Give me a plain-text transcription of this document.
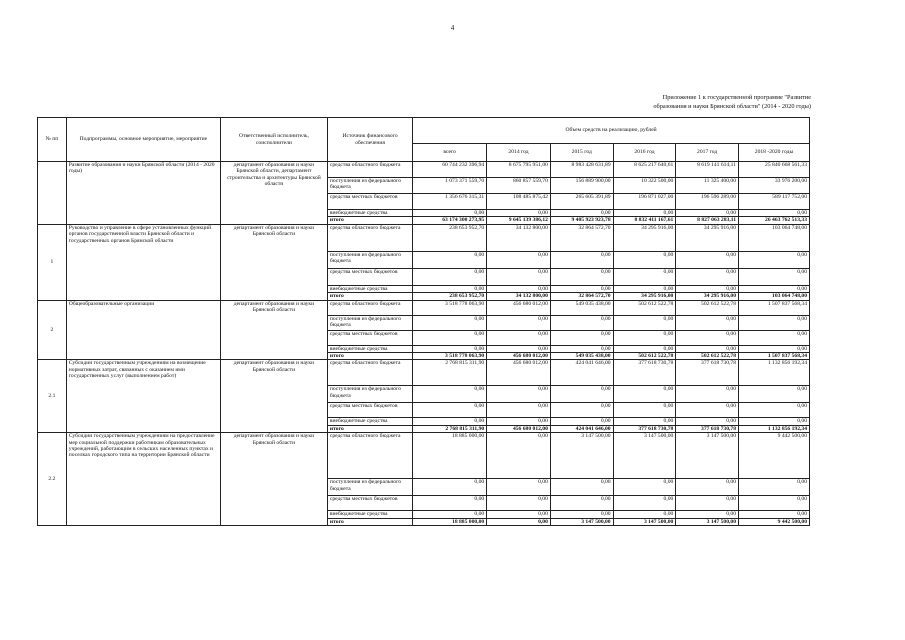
4
Приложение 1 к государственной программе "Развитие
образования и науки Брянской области" (2014 - 2020 годы)
№ пп	Подпрограммы, основное мероприятие, мероприятие	Ответственный исполнитель, соисполнители	Источник финансового обеспечения	Объем средств на реализацию, рублей					
				всего	2014 год	2015 год	2016 год	2017 год	2018 -2020 годы
	Развитие образования и науки Брянской области (2014 - 2020 годы)	департамент образования и науки Брянской области, департамент строительства и архитектуры Брянской области	средства областного бюджета	60 744 232 396,94	8 675 795 951,00	8 983 428 631,89	8 625 217 640,61	8 619 141 614,11	25 840 668 561,33
			поступления из федерального бюджета	1 073 371 559,70	860 857 559,70	156 889 900,00	10 322 500,00	11 325 400,00	33 976 200,00
			средства местных бюджетов	1 356 676 315,31	108 485 875,42	265 605 391,89	196 871 027,00	196 596 289,00	589 117 752,00
			внебюджетные средства	0,00	0,00	0,00	0,00	0,00	0,00
			итого	63 174 300 273,95	9 645 139 386,12	9 405 923 923,78	8 832 411 167,61	8 827 063 283,11	26 463 762 513,33
1	Руководство и управление в сфере установленных функций органов государственной власти Брянской области и государственных органов Брянской области	департамент образования и науки Брянской области	средства областного бюджета	238 653 952,70	34 132 800,00	32 864 572,70	34 295 916,00	34 295 916,00	103 064 748,00
			поступления из федерального бюджета	0,00	0,00	0,00	0,00	0,00	0,00
			средства местных бюджетов	0,00	0,00	0,00	0,00	0,00	0,00
			внебюджетные средства	0,00	0,00	0,00	0,00	0,00	0,00
			итого	238 653 952,70	34 132 800,00	32 864 572,70	34 295 916,00	34 295 916,00	103 064 748,00
2	Общеобразовательные организации	департамент образования и науки Брянской области	средства областного бюджета	3 518 778 063,90	456 680 012,00	549 035 438,00	502 612 522,78	502 612 522,78	1 507 837 568,34
			поступления из федерального бюджета	0,00	0,00	0,00	0,00	0,00	0,00
			средства местных бюджетов	0,00	0,00	0,00	0,00	0,00	0,00
			внебюджетные средства	0,00	0,00	0,00	0,00	0,00	0,00
			итого	3 518 778 063,90	456 680 012,00	549 035 438,00	502 612 522,78	502 612 522,78	1 507 837 568,34
2.1	Субсидии государственным учреждениям на возмещение нормативных затрат, связанных с оказанием ими государственных услуг (выполнением работ)	департамент образования и науки Брянской области	средства областного бюджета	2 768 815 311,90	456 680 012,00	424 041 646,00	377 618 730,78	377 618 730,78	1 132 856 192,34
			поступления из федерального бюджета	0,00	0,00	0,00	0,00	0,00	0,00
			средства местных бюджетов	0,00	0,00	0,00	0,00	0,00	0,00
			внебюджетные средства	0,00	0,00	0,00	0,00	0,00	0,00
			итого	2 768 815 311,90	456 680 012,00	424 041 646,00	377 618 730,78	377 618 730,78	1 132 856 192,34
2.2	Субсидии государственным учреждениям на предоставление мер социальной поддержки работникам образовательных учреждений, работающим в сельских населенных пунктах и поселках городского типа на территории Брянской области	департамент образования и науки Брянской области	средства областного бюджета	18 885 000,00	0,00	3 147 500,00	3 147 500,00	3 147 500,00	9 442 500,00
			поступления из федерального бюджета	0,00	0,00	0,00	0,00	0,00	0,00
			средства местных бюджетов	0,00	0,00	0,00	0,00	0,00	0,00
			внебюджетные средства	0,00	0,00	0,00	0,00	0,00	0,00
			итого	18 885 000,00	0,00	3 147 500,00	3 147 500,00	3 147 500,00	9 442 500,00
